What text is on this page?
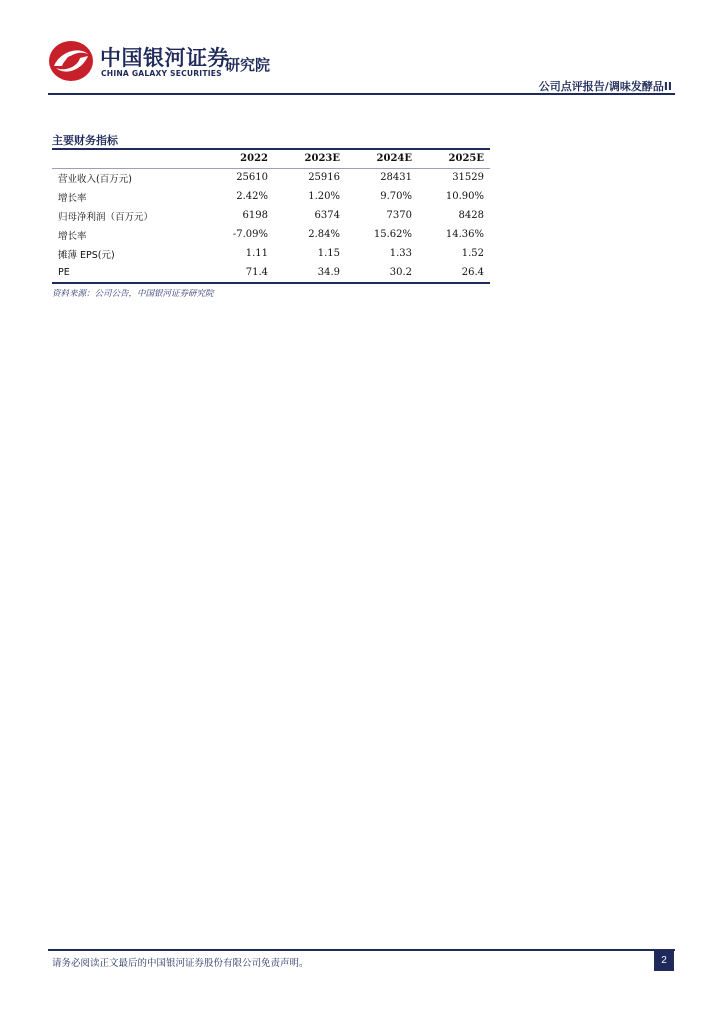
中国银河证券
CHINA GALAXY SECURITIES 研究院
公司点评报告/调味发酵品II
主要财务指标
	2022	2023E	2024E	2025E
营业收入(百万元)	25610	25916	28431	31529
增长率	2.42%	1.20%	9.70%	10.90%
归母净利润（百万元）	6198	6374	7370	8428
增长率	-7.09%	2.84%	15.62%	14.36%
摊薄 EPS(元)	1.11	1.15	1.33	1.52
PE	71.4	34.9	30.2	26.4
资料来源：公司公告，中国银河证券研究院
请务必阅读正文最后的中国银河证券股份有限公司免责声明。	2
